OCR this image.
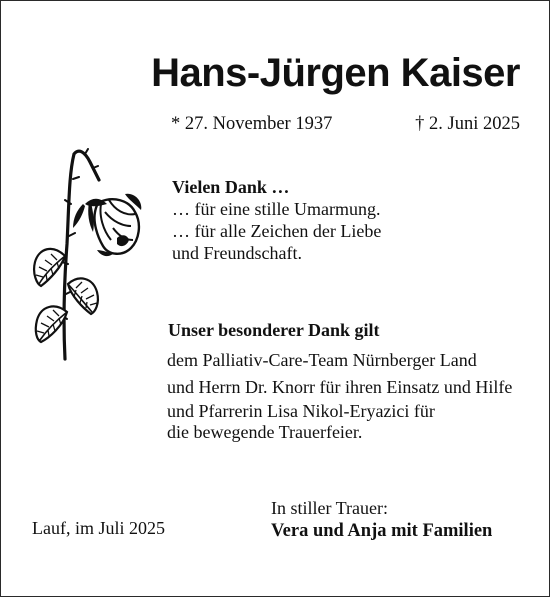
Hans-Jürgen Kaiser
* 27. November 1937	† 2. Juni 2025

Vielen Dank …

… für eine stille Umarmung.

… für alle Zeichen der Liebe

und Freundschaft.

Unser besonderer Dank gilt

dem Palliativ-Care-Team Nürnberger Land

und Herrn Dr. Knorr für ihren Einsatz und Hilfe

und Pfarrerin Lisa Nikol-Eryazici für

die bewegende Trauerfeier.

Lauf, im Juli 2025

In stiller Trauer:

Vera und Anja mit Familien
